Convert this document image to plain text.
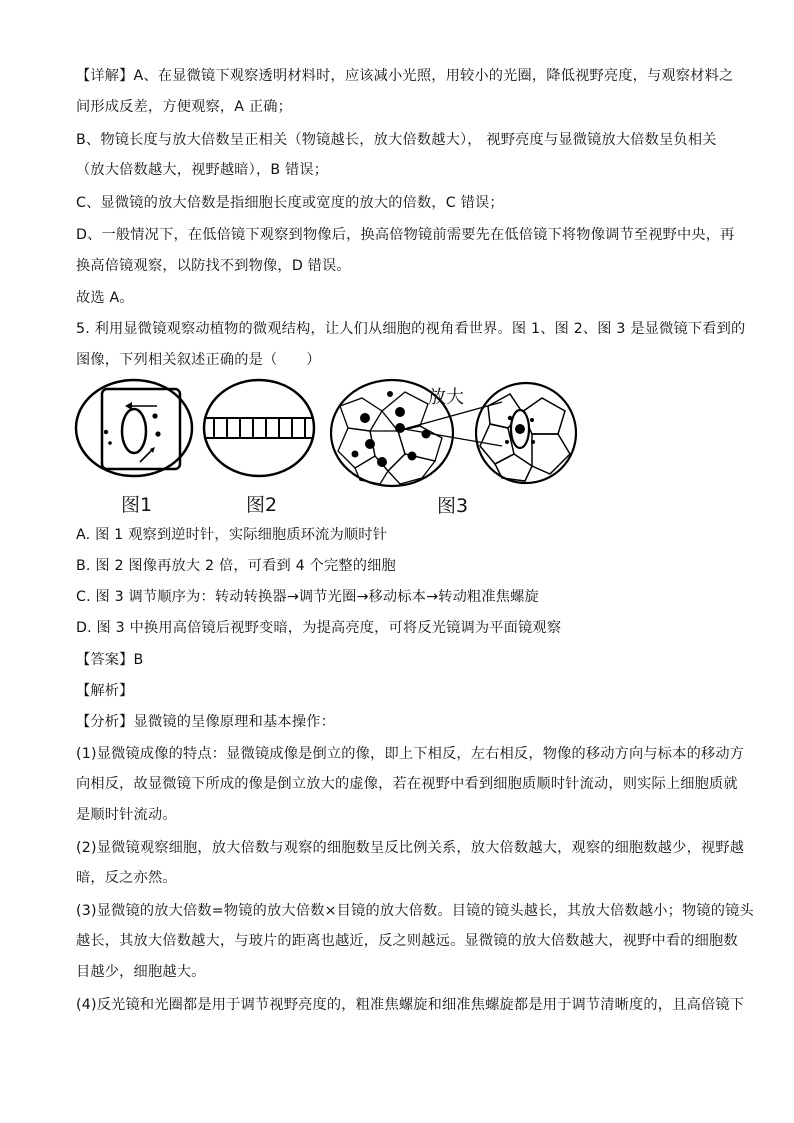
【详解】A、在显微镜下观察透明材料时，应该减小光照，用较小的光圈，降低视野亮度，与观察材料之
间形成反差，方便观察，A 正确；
B、物镜长度与放大倍数呈正相关（物镜越长，放大倍数越大）， 视野亮度与显微镜放大倍数呈负相关
（放大倍数越大，视野越暗），B 错误；
C、显微镜的放大倍数是指细胞长度或宽度的放大的倍数，C 错误；
D、一般情况下，在低倍镜下观察到物像后，换高倍物镜前需要先在低倍镜下将物像调节至视野中央，再
换高倍镜观察，以防找不到物像，D 错误。
故选 A。
5. 利用显微镜观察动植物的微观结构，让人们从细胞的视角看世界。图 1、图 2、图 3 是显微镜下看到的
图像，下列相关叙述正确的是（　　）
图1	图2	图3
放大
A. 图 1 观察到逆时针，实际细胞质环流为顺时针
B. 图 2 图像再放大 2 倍，可看到 4 个完整的细胞
C. 图 3 调节顺序为：转动转换器→调节光圈→移动标本→转动粗准焦螺旋
D. 图 3 中换用高倍镜后视野变暗，为提高亮度，可将反光镜调为平面镜观察
【答案】B
【解析】
【分析】显微镜的呈像原理和基本操作：
(1)显微镜成像的特点：显微镜成像是倒立的像，即上下相反，左右相反，物像的移动方向与标本的移动方
向相反，故显微镜下所成的像是倒立放大的虚像，若在视野中看到细胞质顺时针流动，则实际上细胞质就
是顺时针流动。
(2)显微镜观察细胞，放大倍数与观察的细胞数呈反比例关系，放大倍数越大，观察的细胞数越少，视野越
暗，反之亦然。
(3)显微镜的放大倍数=物镜的放大倍数×目镜的放大倍数。目镜的镜头越长，其放大倍数越小；物镜的镜头
越长，其放大倍数越大，与玻片的距离也越近，反之则越远。显微镜的放大倍数越大，视野中看的细胞数
目越少，细胞越大。
(4)反光镜和光圈都是用于调节视野亮度的，粗准焦螺旋和细准焦螺旋都是用于调节清晰度的，且高倍镜下
